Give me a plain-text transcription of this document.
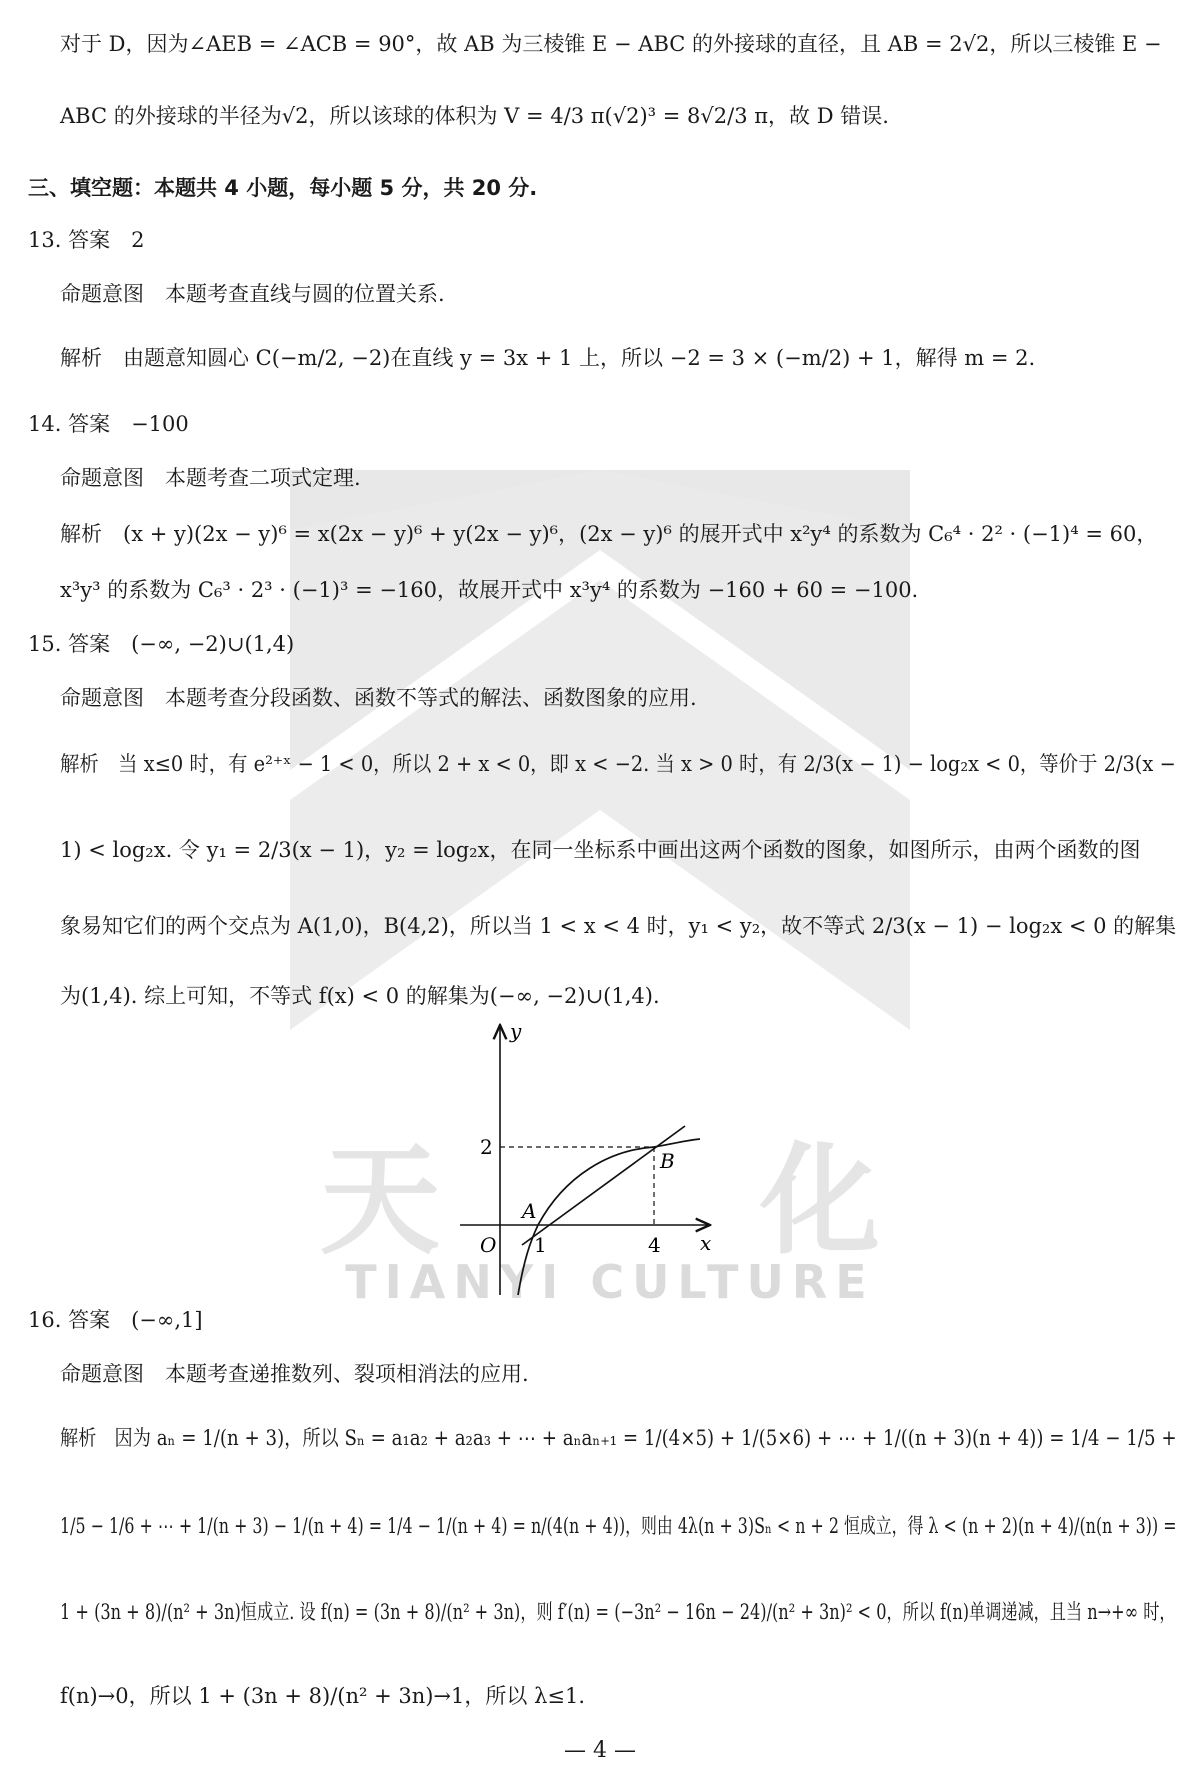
天	化
TIANYI CULTURE
对于 D，因为∠AEB = ∠ACB = 90°，故 AB 为三棱锥 E − ABC 的外接球的直径，且 AB = 2√2，所以三棱锥 E −
ABC 的外接球的半径为√2，所以该球的体积为 V = 4/3 π(√2)³ = 8√2/3 π，故 D 错误.
三、填空题：本题共 4 小题，每小题 5 分，共 20 分.
13. 答案　2
命题意图　本题考查直线与圆的位置关系.
解析　由题意知圆心 C(−m/2, −2)在直线 y = 3x + 1 上，所以 −2 = 3 × (−m/2) + 1，解得 m = 2.
14. 答案　−100
命题意图　本题考查二项式定理.
解析　(x + y)(2x − y)⁶ = x(2x − y)⁶ + y(2x − y)⁶，(2x − y)⁶ 的展开式中 x²y⁴ 的系数为 C₆⁴ · 2² · (−1)⁴ = 60，
x³y³ 的系数为 C₆³ · 2³ · (−1)³ = −160，故展开式中 x³y⁴ 的系数为 −160 + 60 = −100.
15. 答案　(−∞, −2)∪(1,4)
命题意图　本题考查分段函数、函数不等式的解法、函数图象的应用.
解析　当 x≤0 时，有 e²⁺ˣ − 1 < 0，所以 2 + x < 0，即 x < −2. 当 x > 0 时，有 2/3(x − 1) − log₂x < 0，等价于 2/3(x −
1) < log₂x. 令 y₁ = 2/3(x − 1)，y₂ = log₂x，在同一坐标系中画出这两个函数的图象，如图所示，由两个函数的图
象易知它们的两个交点为 A(1,0)，B(4,2)，所以当 1 < x < 4 时，y₁ < y₂，故不等式 2/3(x − 1) − log₂x < 0 的解集
为(1,4). 综上可知，不等式 f(x) < 0 的解集为(−∞, −2)∪(1,4).
16. 答案　(−∞,1]
命题意图　本题考查递推数列、裂项相消法的应用.
解析　因为 aₙ = 1/(n + 3)，所以 Sₙ = a₁a₂ + a₂a₃ + ⋯ + aₙaₙ₊₁ = 1/(4×5) + 1/(5×6) + ⋯ + 1/((n + 3)(n + 4)) = 1/4 − 1/5 +
1/5 − 1/6 + ⋯ + 1/(n + 3) − 1/(n + 4) = 1/4 − 1/(n + 4) = n/(4(n + 4))，则由 4λ(n + 3)Sₙ < n + 2 恒成立，得 λ < (n + 2)(n + 4)/(n(n + 3)) =
1 + (3n + 8)/(n² + 3n)恒成立. 设 f(n) = (3n + 8)/(n² + 3n)，则 f′(n) = (−3n² − 16n − 24)/(n² + 3n)² < 0，所以 f(n)单调递减，且当 n→+∞ 时，
f(n)→0，所以 1 + (3n + 8)/(n² + 3n)→1，所以 λ≤1.
y
x
O
A
B
1	4
2
— 4 —
